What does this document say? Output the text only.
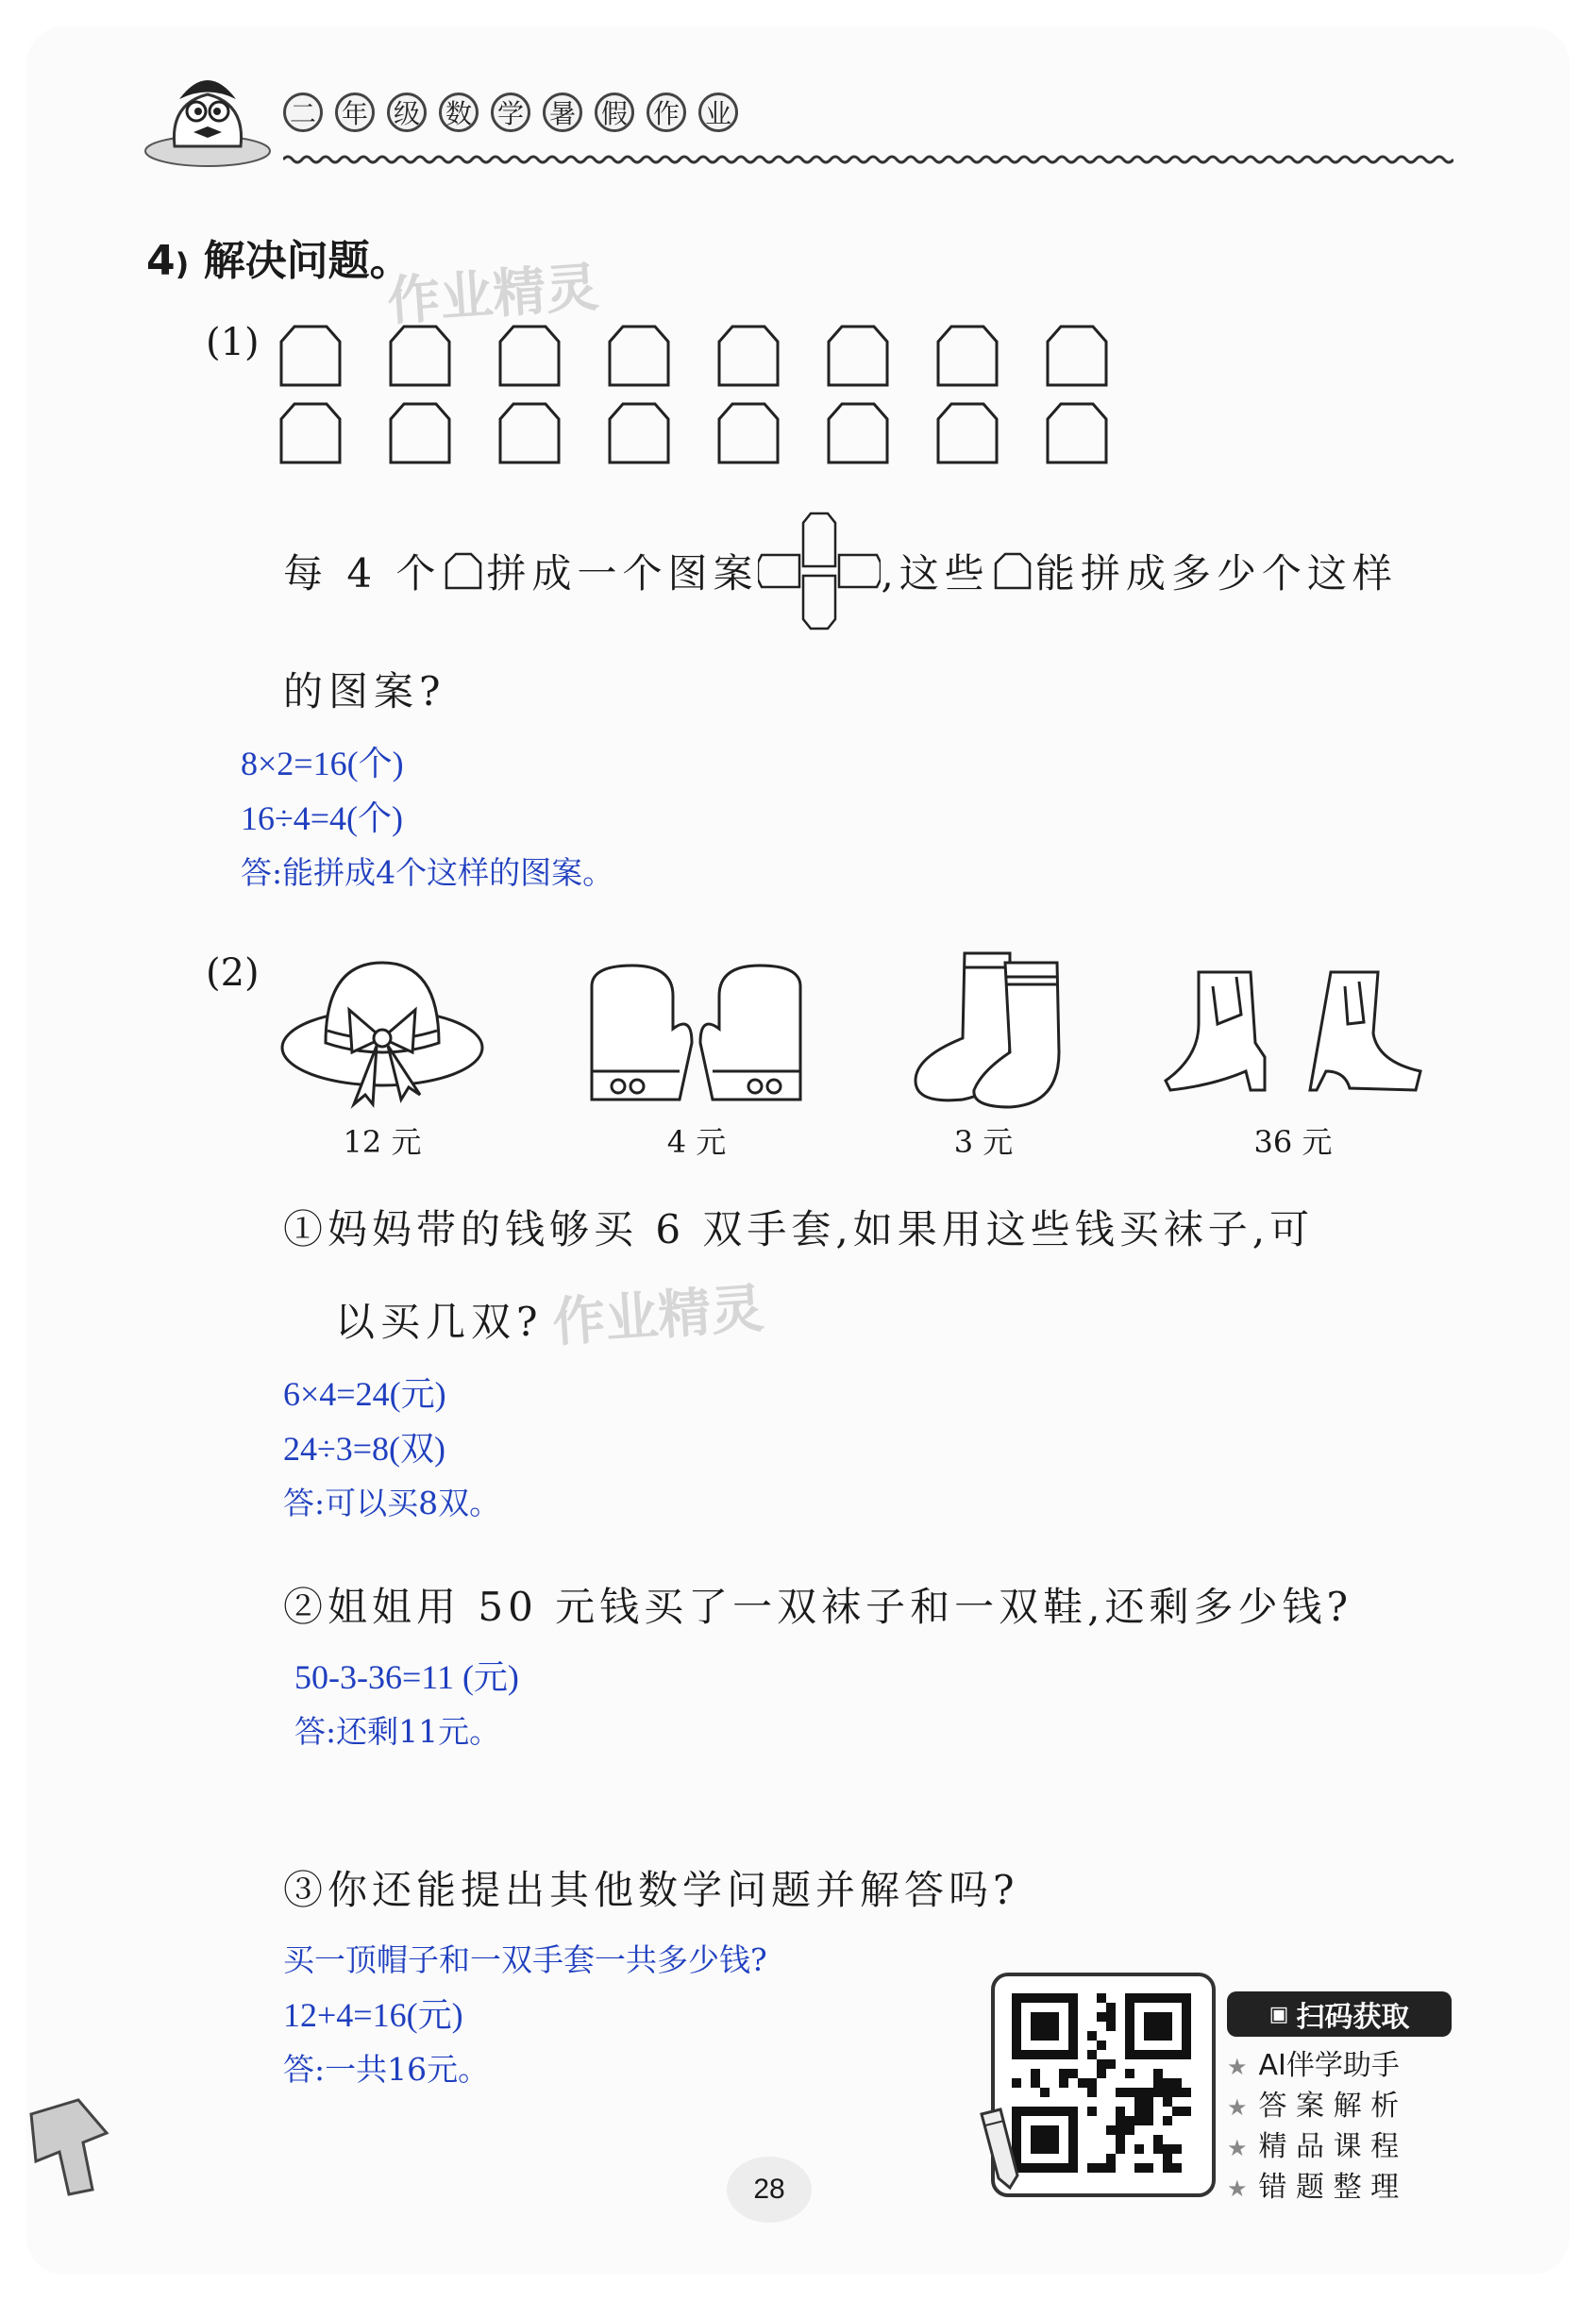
二 年 级 数 学 暑 假 作 业
4) 解决问题。
作业精灵
(1)
每 4 个 拼成一个图案	,这些 能拼成多少个这样
的图案?
8×2=16(个)
16÷4=4(个)
答:能拼成4个这样的图案。
(2)
12 元	4 元	3 元	36 元
①妈妈带的钱够买 6 双手套,如果用这些钱买袜子,可
以买几双? 作业精灵
6×4=24(元)
24÷3=8(双)
答:可以买8双。
②姐姐用 50 元钱买了一双袜子和一双鞋,还剩多少钱?
50-3-36=11 (元)
答:还剩11元。
③你还能提出其他数学问题并解答吗?
买一顶帽子和一双手套一共多少钱?
12+4=16(元)
答:一共16元。
▣ 扫码获取
★ AI伴学助手
★ 答 案 解 析
★ 精 品 课 程
★ 错 题 整 理
28
